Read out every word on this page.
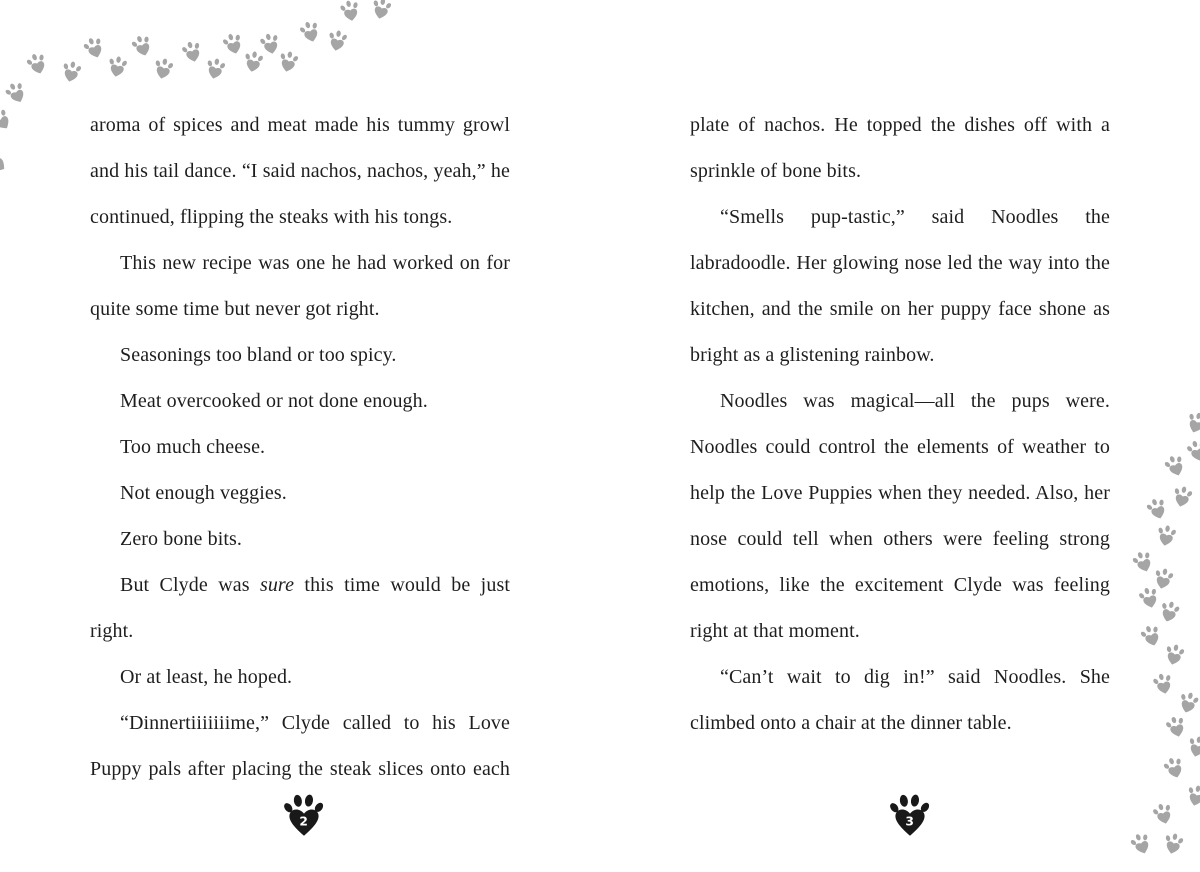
aroma of spices and meat made his tummy growl and his tail dance. “I said nachos, nachos, yeah,” he continued, flipping the steaks with his tongs.

This new recipe was one he had worked on for quite some time but never got right.

Seasonings too bland or too spicy.

Meat overcooked or not done enough.

Too much cheese.

Not enough veggies.

Zero bone bits.

But Clyde was sure this time would be just right.

Or at least, he hoped.

“Dinnertiiiiiiime,” Clyde called to his Love Puppy pals after placing the steak slices onto each

2

plate of nachos. He topped the dishes off with a sprinkle of bone bits.

“Smells pup-tastic,” said Noodles the labradoodle. Her glowing nose led the way into the kitchen, and the smile on her puppy face shone as bright as a glistening rainbow.

Noodles was magical—all the pups were. Noodles could control the elements of weather to help the Love Puppies when they needed. Also, her nose could tell when others were feeling strong emotions, like the excitement Clyde was feeling right at that moment.

“Can’t wait to dig in!” said Noodles. She climbed onto a chair at the dinner table.

3
